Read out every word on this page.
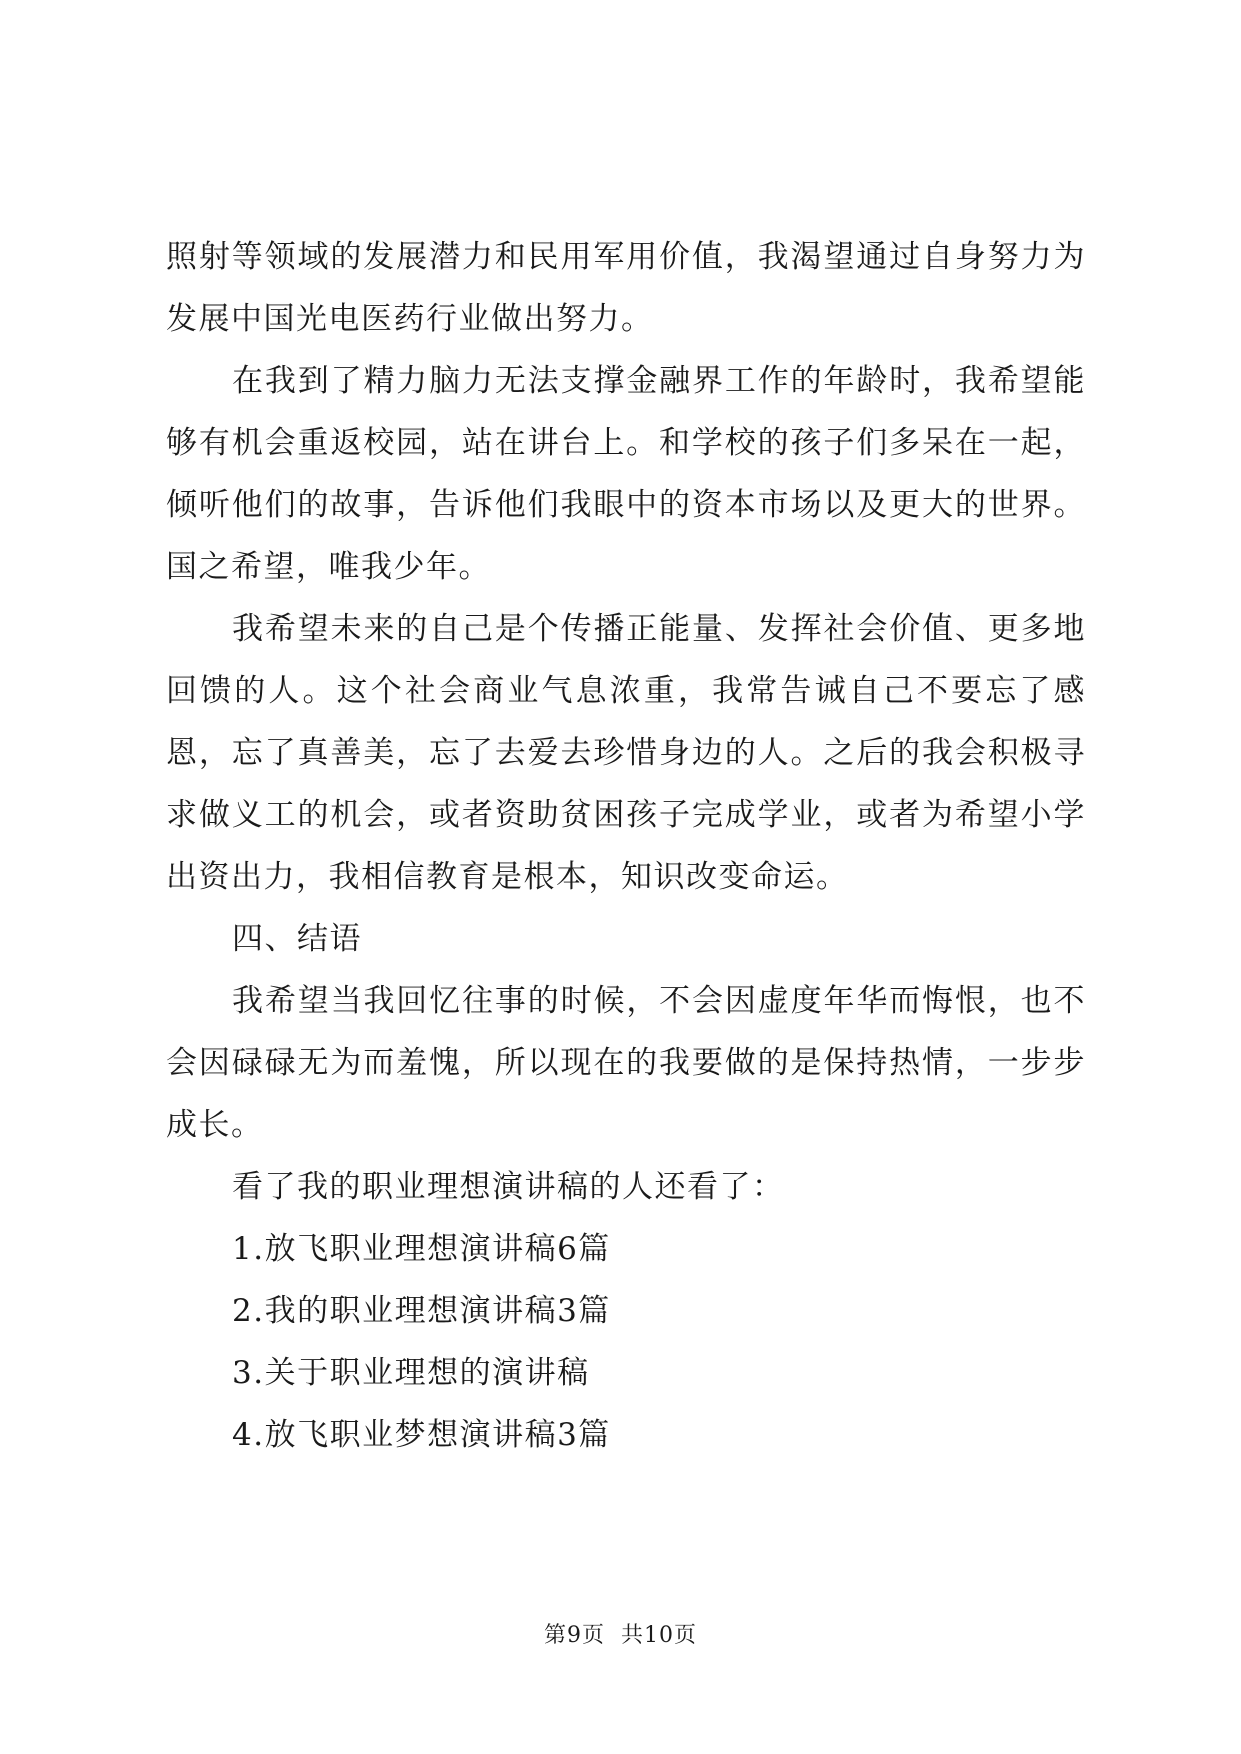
照射等领域的发展潜力和民用军用价值，我渴望通过自身努力为发展中国光电医药行业做出努力。

在我到了精力脑力无法支撑金融界工作的年龄时，我希望能够有机会重返校园，站在讲台上。和学校的孩子们多呆在一起，倾听他们的故事，告诉他们我眼中的资本市场以及更大的世界。国之希望，唯我少年。

我希望未来的自己是个传播正能量、发挥社会价值、更多地回馈的人。这个社会商业气息浓重，我常告诫自己不要忘了感恩，忘了真善美，忘了去爱去珍惜身边的人。之后的我会积极寻求做义工的机会，或者资助贫困孩子完成学业，或者为希望小学出资出力，我相信教育是根本，知识改变命运。

四、结语

我希望当我回忆往事的时候，不会因虚度年华而悔恨，也不会因碌碌无为而羞愧，所以现在的我要做的是保持热情，一步步成长。

看了我的职业理想演讲稿的人还看了：

1.放飞职业理想演讲稿6篇
2.我的职业理想演讲稿3篇
3.关于职业理想的演讲稿
4.放飞职业梦想演讲稿3篇
第9页  共10页
